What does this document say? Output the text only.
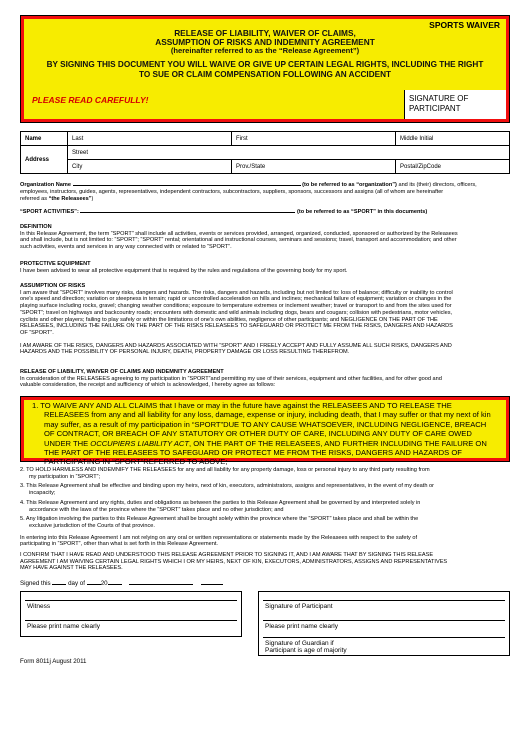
SPORTS WAIVER
RELEASE OF LIABILITY, WAIVER OF CLAIMS,
ASSUMPTION OF RISKS AND INDEMNITY AGREEMENT
(hereinafter referred to as the “Release Agreement”)
BY SIGNING THIS DOCUMENT YOU WILL WAIVE OR GIVE UP CERTAIN LEGAL RIGHTS, INCLUDING THE RIGHT
TO SUE OR CLAIM COMPENSATION FOLLOWING AN ACCIDENT
PLEASE READ CAREFULLY!	SIGNATURE OF
PARTICIPANT
Name	Last	First	Middle Initial
Address	Street		
	City	Prov./State	Postal/ZipCode
Organization Name	(to be referred to as “organization”) and its (their) directors, officers,
employees, instructors, guides, agents, representatives, independent contractors, subcontractors, suppliers, sponsors, successors and assigns (all of whom are hereinafter
referred as “the Releasees”)
“SPORT ACTIVITIES”:	(to be referred to as “SPORT” in this documents)
DEFINITION
In this Release Agreement, the term “SPORT” shall include all activities, events or services provided, arranged, organized, conducted, sponsored or authorized by the Releasees
and shall include, but is not limited to: “SPORT”; “SPORT” rental; orientational and instructional courses, seminars and sessions; travel, transport and accommodation; and other
such activities, events and services in any way connected with or related to “SPORT”.
PROTECTIVE EQUIPMENT
I have been advised to wear all protective equipment that is required by the rules and regulations of the governing body for my sport.
ASSUMPTION OF RISKS
I am aware that “SPORT” involves many risks, dangers and hazards. The risks, dangers and hazards, including but not limited to: loss of balance; difficulty or inability to control
one's speed and direction; variation or steepness in terrain; rapid or uncontrolled acceleration on hills and inclines; mechanical failure of equipment; variation or changes in the
playing surface including rocks, gravel; changing weather conditions; exposure to temperature extremes or inclement weather; travel or transport to and from the sites used for
“SPORT”; travel on highways and backcountry roads; encounters with domestic and wild animals including dogs, bears and cougars; collision with pedestrians, motor vehicles,
cyclists and other players; failing to play safely or within the limitations of one's own abilities, negligence of other participants; and NEGLIGENCE ON THE PART OF THE
RELEASEES, INCLUDING THE FAILURE ON THE PART OF THE RISKS RELEASEES TO SAFEGUARD OR PROTECT ME FROM THE RISKS, DANGERS AND HAZARDS
OF “SPORT”.
I AM AWARE OF THE RISKS, DANGERS AND HAZARDS ASSOCIATED WITH “SPORT” AND I FREELY ACCEPT AND FULLY ASSUME ALL SUCH RISKS, DANGERS AND
HAZARDS AND THE POSSIBILITY OF PERSONAL INJURY, DEATH, PROPERTY DAMAGE OR LOSS RESULTING THEREFROM.
RELEASE OF LIABILITY, WAIVER OF CLAIMS AND INDEMNITY AGREEMENT
In consideration of the RELEASEES agreeing to my participation in “SPORT”and permitting my use of their services, equipment and other facilities, and for other good and
valuable consideration, the receipt and sufficiency of which is acknowledged, I hereby agree as follows:
1. TO WAIVE ANY AND ALL CLAIMS that I have or may in the future have against the RELEASEES AND TO RELEASE THE RELEASEES from any and all liability for any loss, damage, expense or injury, including death, that I may suffer or that my next of kin may suffer, as a result of my participation in “SPORT”DUE TO ANY CAUSE WHATSOEVER, INCLUDING NEGLIGENCE, BREACH OF CONTRACT, OR BREACH OF ANY STATUTORY OR OTHER DUTY OF CARE, INCLUDING ANY DUTY OF CARE OWED UNDER THE OCCUPIERS LIABILITY ACT, ON THE PART OF THE RELEASEES, AND FURTHER INCLUDING THE FAILURE ON THE PART OF THE RELEASEES TO SAFEGUARD OR PROTECT ME FROM THE RISKS, DANGERS AND HAZARDS OF PARTICIPATING IN “SPORT”REFERRED TO ABOVE;
2. TO HOLD HARMLESS AND INDEMNIFY THE RELEASEES for any and all liability for any property damage, loss or personal injury to any third party resulting from
my participation in “SPORT”;
3. This Release Agreement shall be effective and binding upon my heirs, next of kin, executors, administrators, assigns and representatives, in the event of my death or
incapacity;
4. This Release Agreement and any rights, duties and obligations as between the parties to this Release Agreement shall be governed by and interpreted solely in
accordance with the laws of the province where the “SPORT” takes place and no other jurisdiction; and
5. Any litigation involving the parties to this Release Agreement shall be brought solely within the province where the “SPORT” takes place and shall be within the
exclusive jurisdiction of the Courts of that province.
In entering into this Release Agreement I am not relying on any oral or written representations or statements made by the Releasees with respect to the safety of
participating in “SPORT”, other than what is set forth in this Release Agreement.
I CONFIRM THAT I HAVE READ AND UNDERSTOOD THIS RELEASE AGREEMENT PRIOR TO SIGNING IT, AND I AM AWARE THAT BY SIGNING THIS RELEASE
AGREEMENT I AM WAIVING CERTAIN LEGAL RIGHTS WHICH I OR MY HEIRS, NEXT OF KIN, EXECUTORS, ADMINISTRATORS, ASSIGNS AND REPRESENTATIVES
MAY HAVE AGAINST THE RELEASEES.
Signed this	day of	20
Witness
Please print name clearly
Signature of Participant
Please print name clearly
Signature of Guardian if
Participant is age of majority
Form 8011j August 2011
